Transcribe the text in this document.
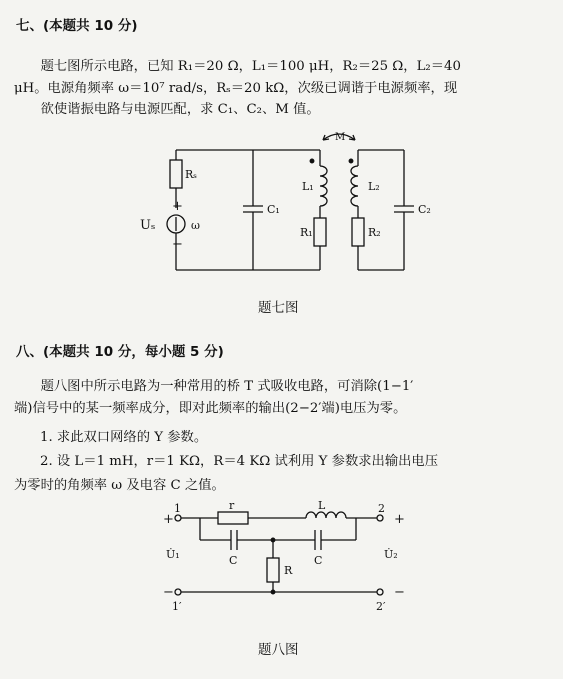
七、(本题共 10 分)
题七图所示电路，已知 R₁＝20 Ω，L₁＝100 μH，R₂＝25 Ω，L₂＝40
μH。电源角频率 ω＝10⁷ rad/s，Rₛ＝20 kΩ，次级已调谐于电源频率，现
欲使谐振电路与电源匹配，求 C₁、C₂、M 值。
Rₛ
+
−
Uₛ	ω
C₁
L₁
R₁
L₂
R₂
C₂
M
题七图
八、(本题共 10 分，每小题 5 分)
题八图中所示电路为一种常用的桥 T 式吸收电路，可消除(1−1′
端)信号中的某一频率成分，即对此频率的输出(2−2′端)电压为零。
1. 求此双口网络的 Y 参数。
2. 设 L＝1 mH，r＝1 KΩ，R＝4 KΩ 试利用 Y 参数求出输出电压
为零时的角频率 ω 及电容 C 之值。
1	2
1′	2′
+	+
−	−
U̇₁	U̇₂
r	L
C	C
R
题八图
